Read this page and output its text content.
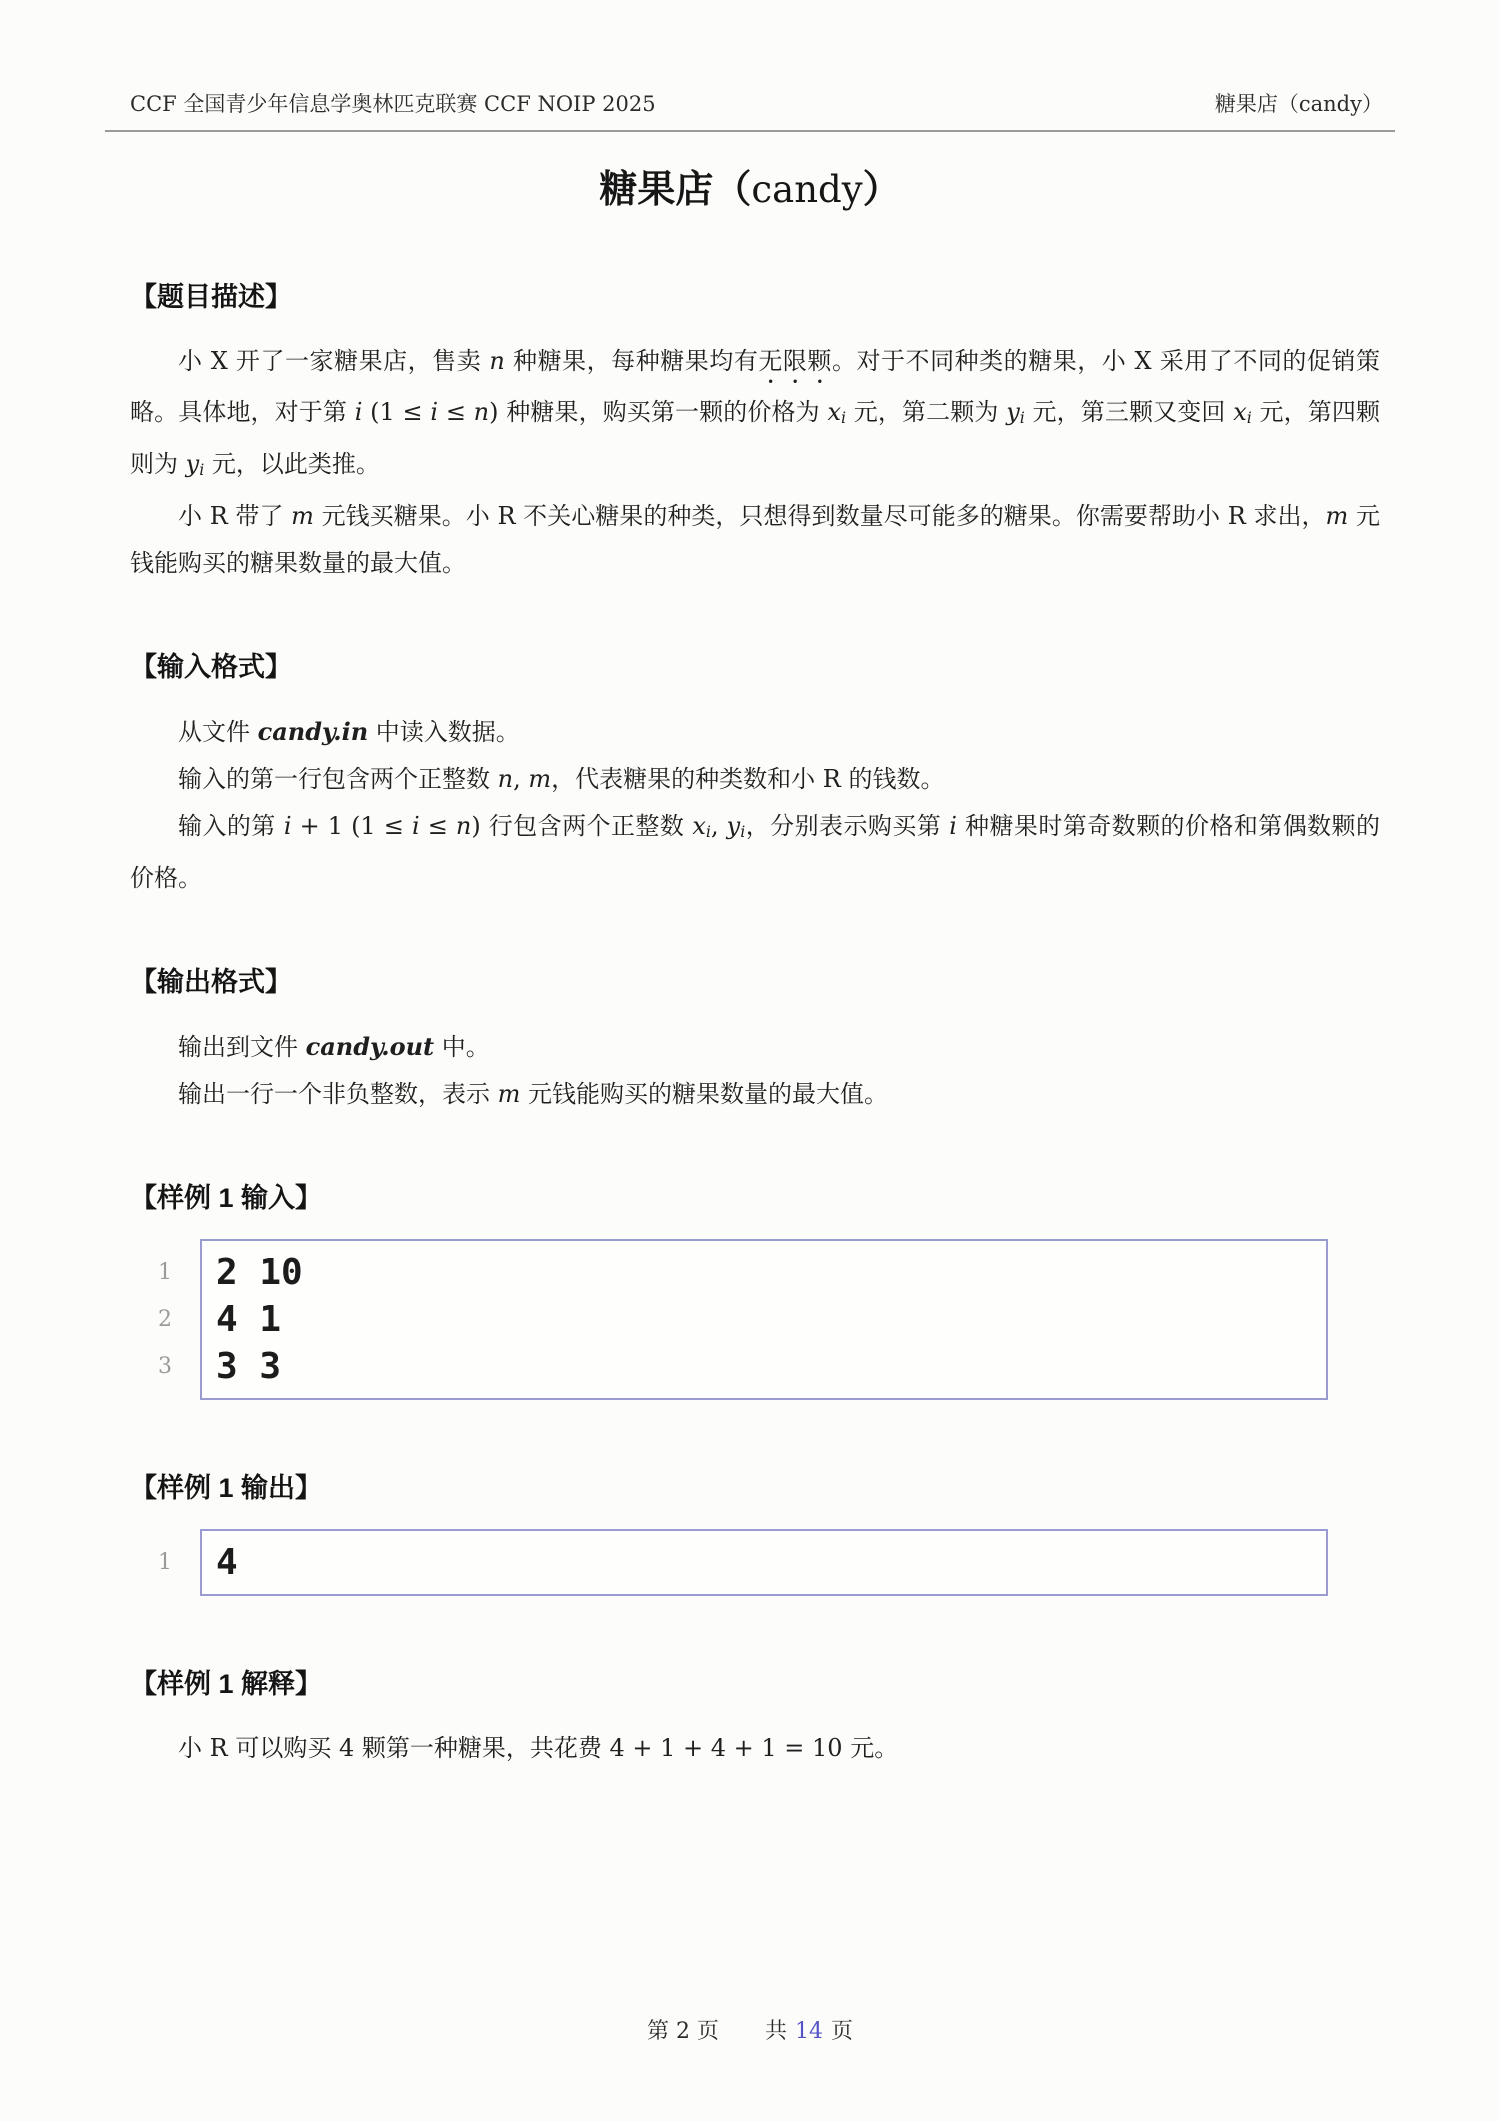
CCF 全国青少年信息学奥林匹克联赛 CCF NOIP 2025	糖果店（candy）
糖果店（candy）
【题目描述】

小 X 开了一家糖果店，售卖 n 种糖果，每种糖果均有无限颗。对于不同种类的糖果，小 X 采用了不同的促销策略。具体地，对于第 i (1 ≤ i ≤ n) 种糖果，购买第一颗的价格为 $x_i$ 元，第二颗为 $y_i$ 元，第三颗又变回 $x_i$ 元，第四颗则为 $y_i$ 元，以此类推。

小 R 带了 m 元钱买糖果。小 R 不关心糖果的种类，只想得到数量尽可能多的糖果。你需要帮助小 R 求出，m 元钱能购买的糖果数量的最大值。

【输入格式】

从文件 candy.in 中读入数据。

输入的第一行包含两个正整数 n, m，代表糖果的种类数和小 R 的钱数。

输入的第 i + 1 (1 ≤ i ≤ n) 行包含两个正整数 $x_i$, $y_i$，分别表示购买第 i 种糖果时第奇数颗的价格和第偶数颗的价格。

【输出格式】

输出到文件 candy.out 中。

输出一行一个非负整数，表示 m 元钱能购买的糖果数量的最大值。

【样例 1 输入】
1
2
3
2 10
4 1
3 3
【样例 1 输出】
1 4
【样例 1 解释】

小 R 可以购买 4 颗第一种糖果，共花费 4 + 1 + 4 + 1 = 10 元。

第 2 页 共 14 页
